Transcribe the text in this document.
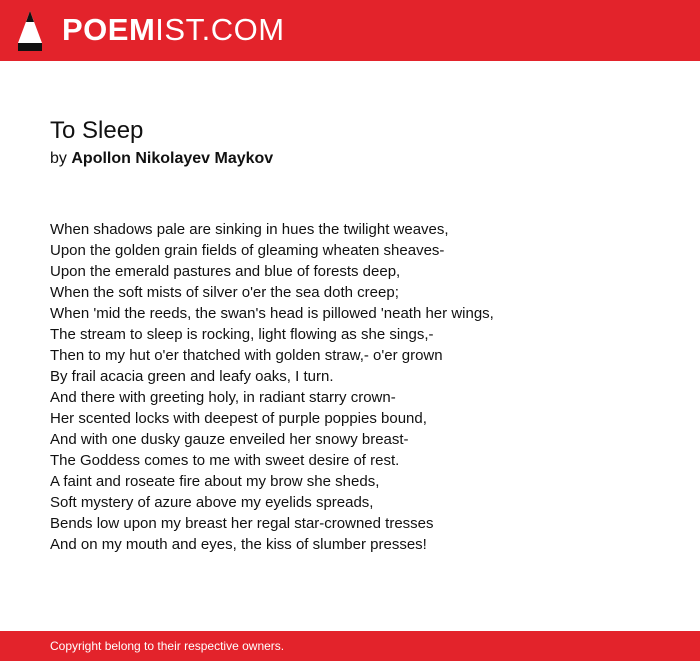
POEMIST.COM
To Sleep
by Apollon Nikolayev Maykov
When shadows pale are sinking in hues the twilight weaves,
Upon the golden grain fields of gleaming wheaten sheaves-
Upon the emerald pastures and blue of forests deep,
When the soft mists of silver o'er the sea doth creep;
When 'mid the reeds, the swan's head is pillowed 'neath her wings,
The stream to sleep is rocking, light flowing as she sings,-
Then to my hut o'er thatched with golden straw,- o'er grown
By frail acacia green and leafy oaks, I turn.
And there with greeting holy, in radiant starry crown-
Her scented locks with deepest of purple poppies bound,
And with one dusky gauze enveiled her snowy breast-
The Goddess comes to me with sweet desire of rest.
A faint and roseate fire about my brow she sheds,
Soft mystery of azure above my eyelids spreads,
Bends low upon my breast her regal star-crowned tresses
And on my mouth and eyes, the kiss of slumber presses!
Copyright belong to their respective owners.
